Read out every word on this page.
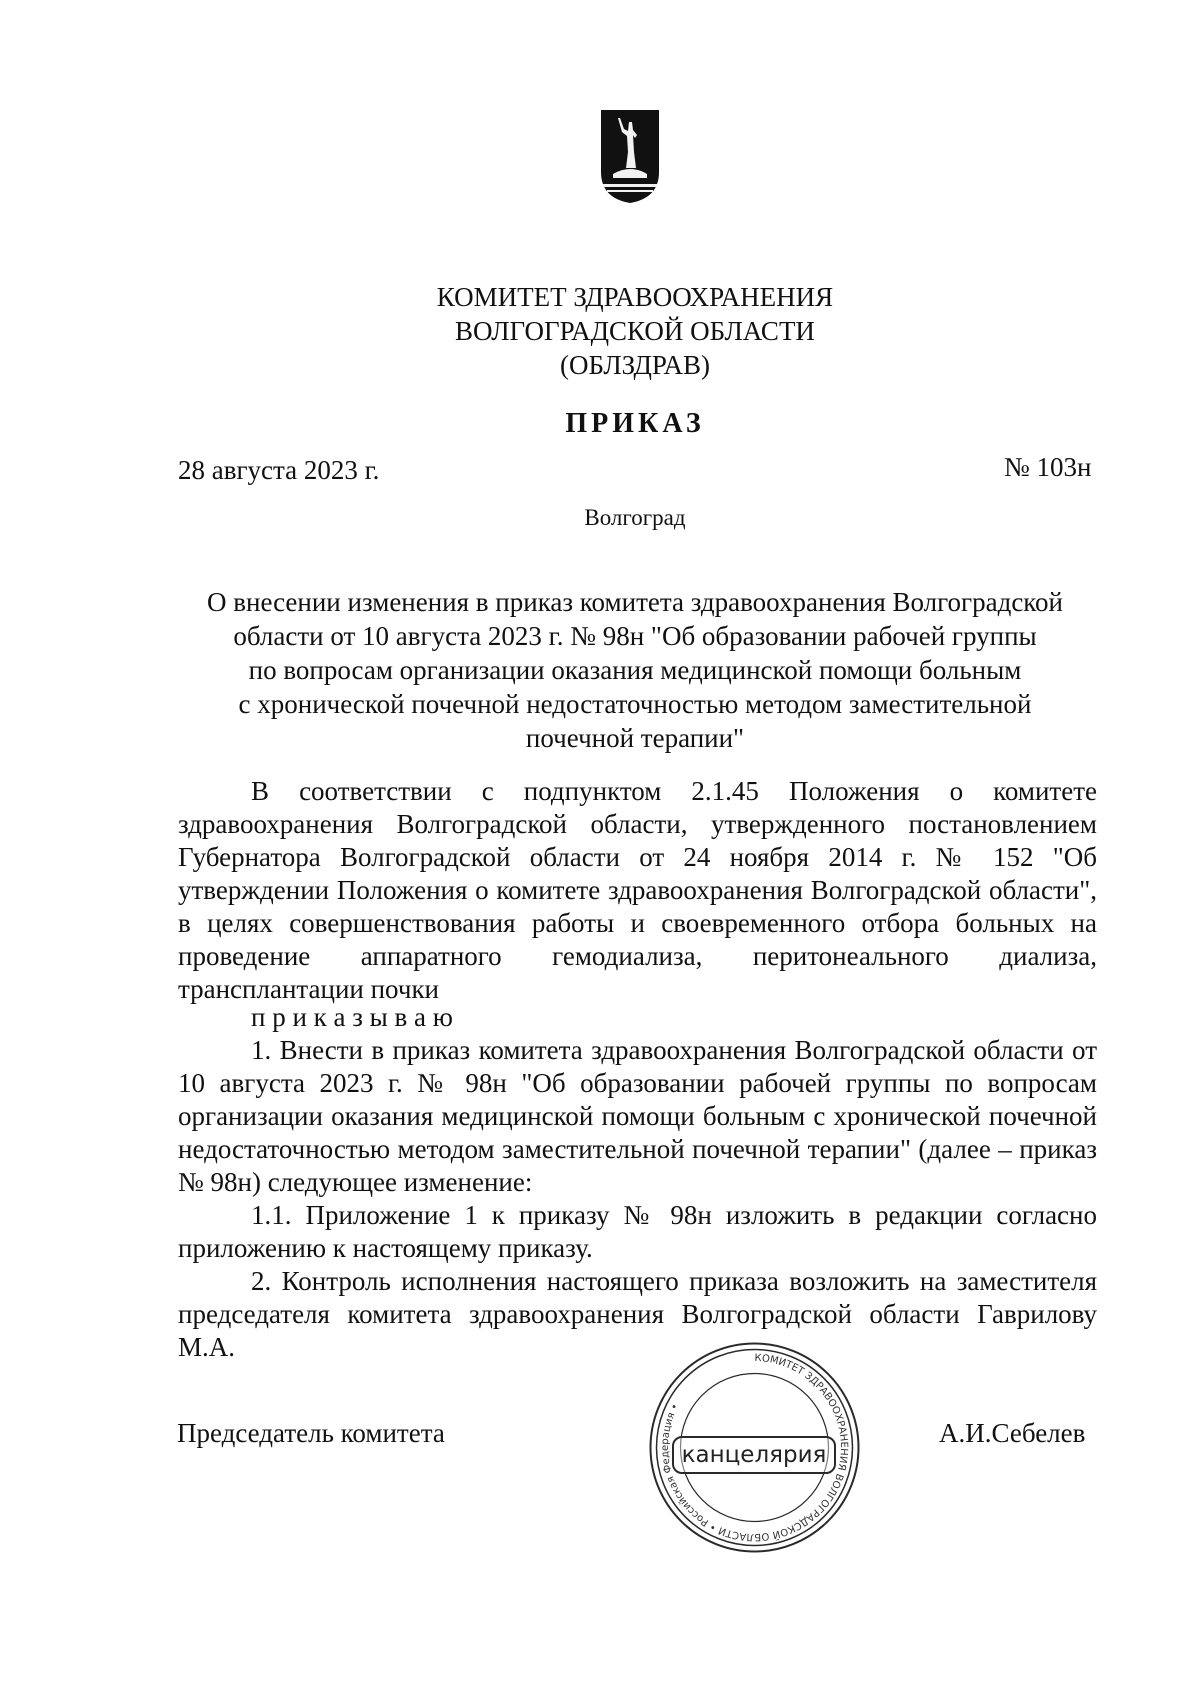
КОМИТЕТ ЗДРАВООХРАНЕНИЯ
ВОЛГОГРАДСКОЙ ОБЛАСТИ
(ОБЛЗДРАВ)
ПРИКАЗ
28 августа 2023 г.	№ 103н
Волгоград
О внесении изменения в приказ комитета здравоохранения Волгоградской
области от 10 августа 2023 г. № 98н "Об образовании рабочей группы
по вопросам организации оказания медицинской помощи больным
с хронической почечной недостаточностью методом заместительной
почечной терапии"
В соответствии с подпунктом 2.1.45 Положения о комитете здравоохранения Волгоградской области, утвержденного постановлением Губернатора Волгоградской области от 24 ноября 2014 г. № 152 "Об утверждении Положения о комитете здравоохранения Волгоградской области", в целях совершенствования работы и своевременного отбора больных на проведение аппаратного гемодиализа, перитонеального диализа, трансплантации почки
п р и к а з ы в а ю
1. Внести в приказ комитета здравоохранения Волгоградской области от 10 августа 2023 г. № 98н "Об образовании рабочей группы по вопросам организации оказания медицинской помощи больным с хронической почечной недостаточностью методом заместительной почечной терапии" (далее – приказ № 98н) следующее изменение:
1.1. Приложение 1 к приказу № 98н изложить в редакции согласно приложению к настоящему приказу.
2. Контроль исполнения настоящего приказа возложить на заместителя председателя комитета здравоохранения Волгоградской области Гаврилову М.А.
Председатель комитета	А.И.Себелев
КОМИТЕТ ЗДРАВООХРАНЕНИЯ ВОЛГОГРАДСКОЙ ОБЛАСТИ • Российская Федерация •
канцелярия
